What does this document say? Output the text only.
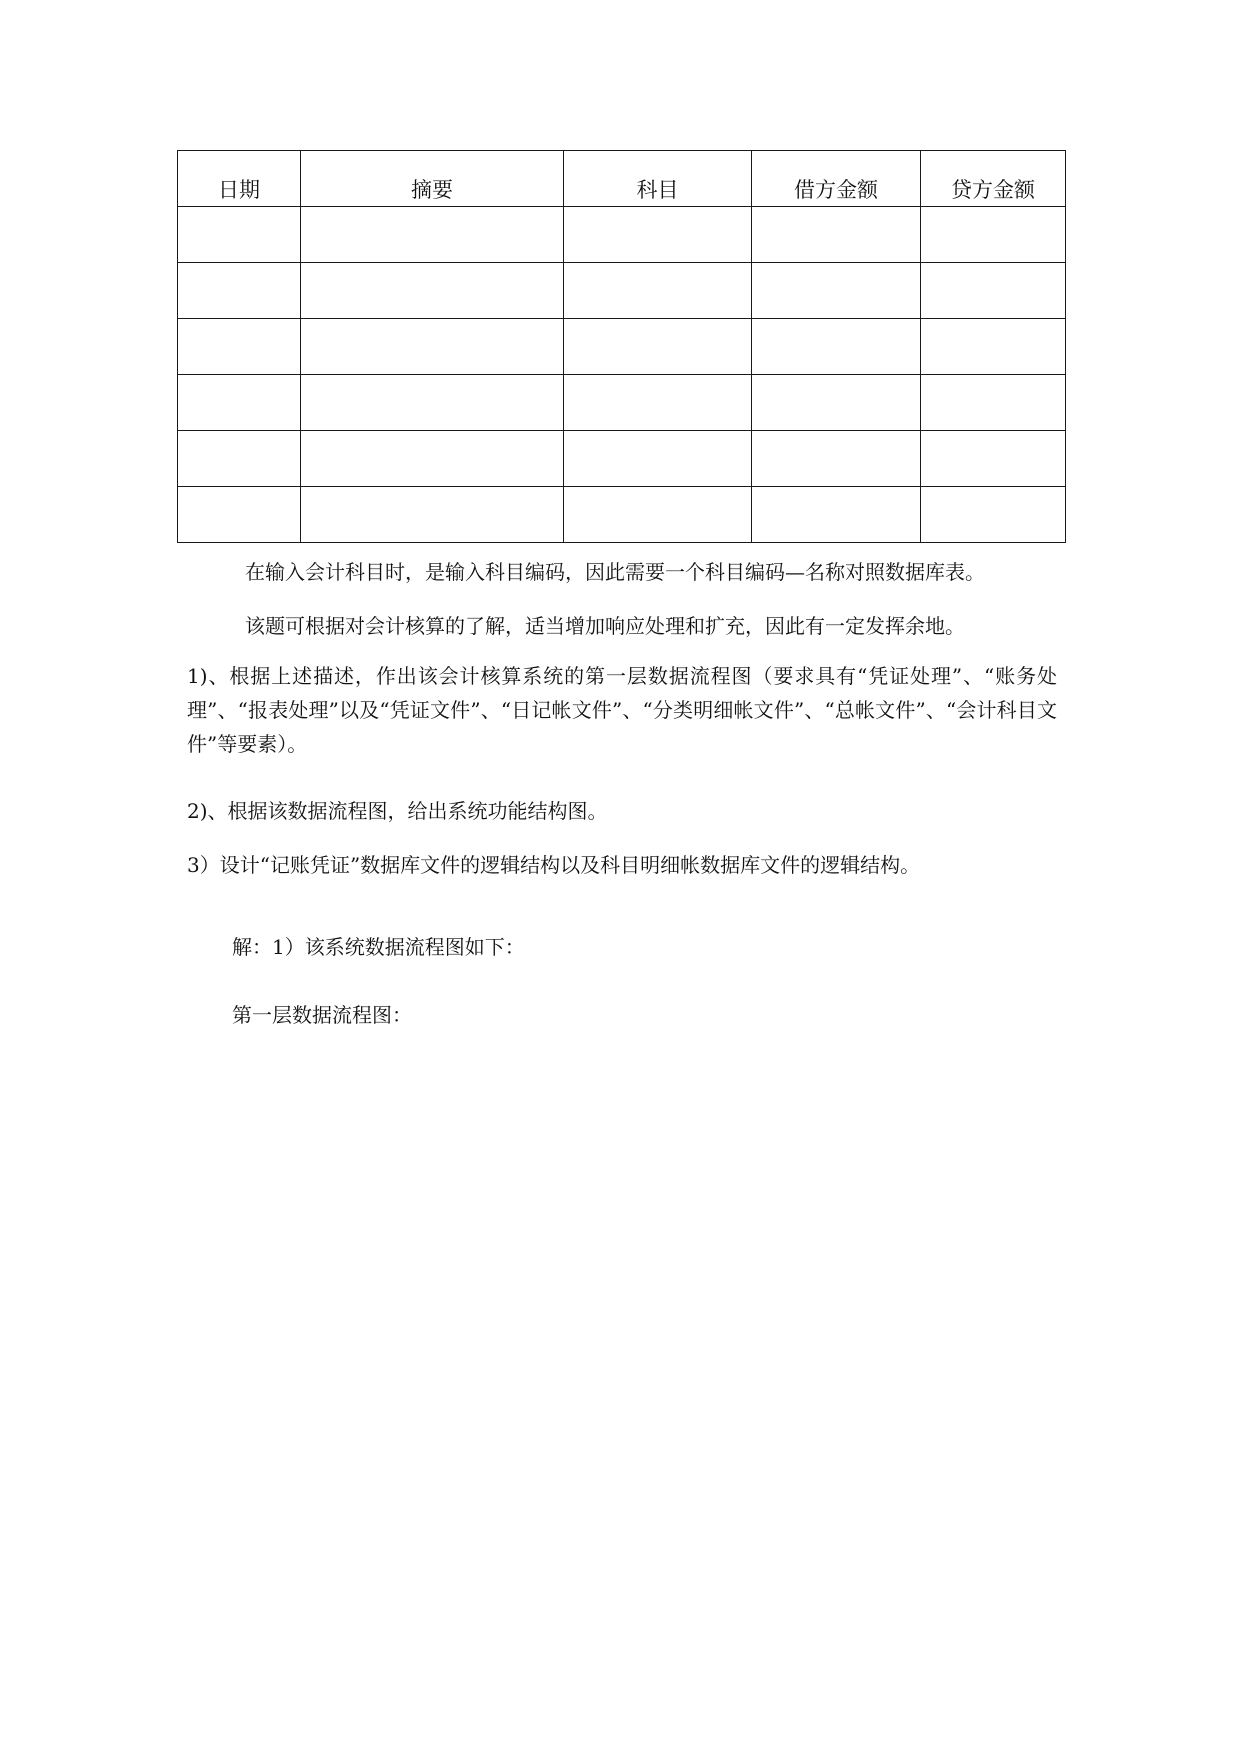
日期	摘要	科目	借方金额	贷方金额

在输入会计科目时，是输入科目编码，因此需要一个科目编码—名称对照数据库表。
该题可根据对会计核算的了解，适当增加响应处理和扩充，因此有一定发挥余地。
1)、根据上述描述，作出该会计核算系统的第一层数据流程图（要求具有“凭证处理”、“账务处理”、“报表处理”以及“凭证文件”、“日记帐文件”、“分类明细帐文件”、“总帐文件”、“会计科目文件”等要素）。
2)、根据该数据流程图，给出系统功能结构图。
3）设计“记账凭证”数据库文件的逻辑结构以及科目明细帐数据库文件的逻辑结构。
解：1）该系统数据流程图如下：
第一层数据流程图：
